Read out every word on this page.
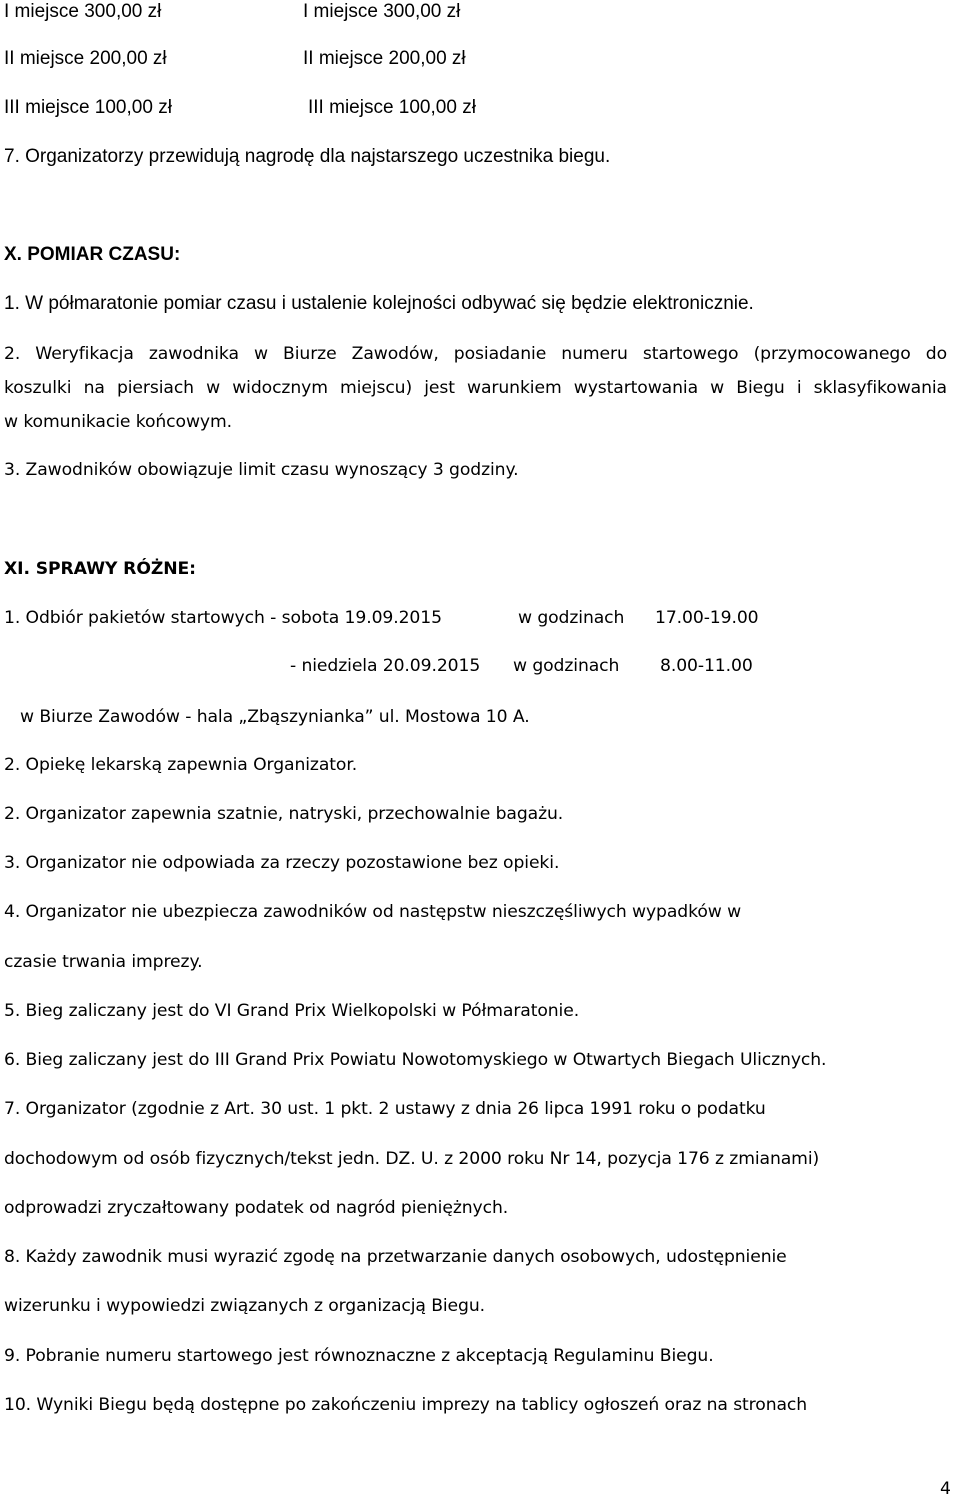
I miejsce 300,00 zł
II miejsce 200,00 zł
III miejsce 100,00 zł
I miejsce 300,00 zł
II miejsce 200,00 zł
III miejsce 100,00 zł
7. Organizatorzy przewidują nagrodę dla najstarszego uczestnika biegu.
X. POMIAR CZASU:
1. W półmaratonie pomiar czasu i ustalenie kolejności odbywać się będzie elektronicznie.
2. Weryfikacja zawodnika w Biurze Zawodów, posiadanie numeru startowego (przymocowanego do
koszulki na piersiach w widocznym miejscu) jest warunkiem wystartowania w Biegu i sklasyfikowania
w komunikacie końcowym.
3. Zawodników obowiązuje limit czasu wynoszący 3 godziny.
XI. SPRAWY RÓŻNE:
1. Odbiór pakietów startowych - sobota 19.09.2015	w godzinach 17.00-19.00
- niedziela 20.09.2015 w godzinach 8.00-11.00
w Biurze Zawodów - hala „Zbąszynianka” ul. Mostowa 10 A.
2. Opiekę lekarską zapewnia Organizator.
2. Organizator zapewnia szatnie, natryski, przechowalnie bagażu.
3. Organizator nie odpowiada za rzeczy pozostawione bez opieki.
4. Organizator nie ubezpiecza zawodników od następstw nieszczęśliwych wypadków w
czasie trwania imprezy.
5. Bieg zaliczany jest do VI Grand Prix Wielkopolski w Półmaratonie.
6. Bieg zaliczany jest do III Grand Prix Powiatu Nowotomyskiego w Otwartych Biegach Ulicznych.
7. Organizator (zgodnie z Art. 30 ust. 1 pkt. 2 ustawy z dnia 26 lipca 1991 roku o podatku
dochodowym od osób fizycznych/tekst jedn. DZ. U. z 2000 roku Nr 14, pozycja 176 z zmianami)
odprowadzi zryczałtowany podatek od nagród pieniężnych.
8. Każdy zawodnik musi wyrazić zgodę na przetwarzanie danych osobowych, udostępnienie
wizerunku i wypowiedzi związanych z organizacją Biegu.
9. Pobranie numeru startowego jest równoznaczne z akceptacją Regulaminu Biegu.
10. Wyniki Biegu będą dostępne po zakończeniu imprezy na tablicy ogłoszeń oraz na stronach
4
